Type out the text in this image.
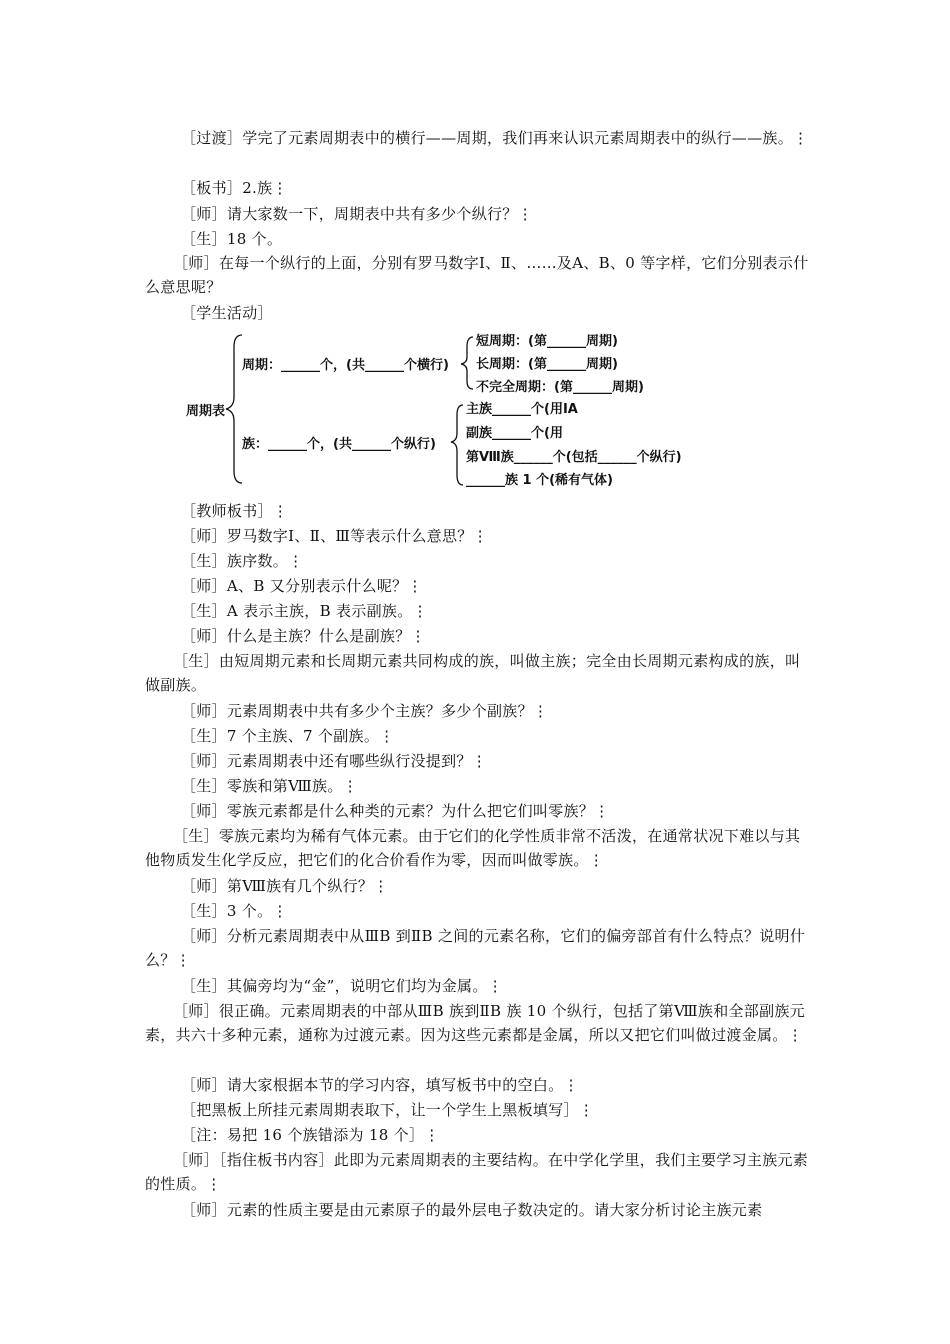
［过渡］学完了元素周期表中的横行——周期，我们再来认识元素周期表中的纵行——族。⋮
［板书］2.族⋮
［师］请大家数一下，周期表中共有多少个纵行？⋮
［生］18 个。
［师］在每一个纵行的上面，分别有罗马数字Ⅰ、Ⅱ、……及A、B、0 等字样，它们分别表示什么意思呢？
［学生活动］
周期表
周期：______个，(共______个横行)
族：______个，(共______个纵行)
短周期：(第______周期)
长周期：(第______周期)
不完全周期：(第______周期)
主族______个(用ⅠA
副族______个(用
第Ⅷ族______个(包括______个纵行)
______族 1 个(稀有气体)
［教师板书］⋮
［师］罗马数字Ⅰ、Ⅱ、Ⅲ等表示什么意思？⋮
［生］族序数。⋮
［师］A、B 又分别表示什么呢？⋮
［生］A 表示主族，B 表示副族。⋮
［师］什么是主族？什么是副族？⋮
［生］由短周期元素和长周期元素共同构成的族，叫做主族；完全由长周期元素构成的族，叫做副族。
［师］元素周期表中共有多少个主族？多少个副族？⋮
［生］7 个主族、7 个副族。⋮
［师］元素周期表中还有哪些纵行没提到？⋮
［生］零族和第Ⅷ族。⋮
［师］零族元素都是什么种类的元素？为什么把它们叫零族？⋮
［生］零族元素均为稀有气体元素。由于它们的化学性质非常不活泼，在通常状况下难以与其他物质发生化学反应，把它们的化合价看作为零，因而叫做零族。⋮
［师］第Ⅷ族有几个纵行？⋮
［生］3 个。⋮
［师］分析元素周期表中从ⅢB 到ⅡB 之间的元素名称，它们的偏旁部首有什么特点？说明什么？⋮
［生］其偏旁均为“金”，说明它们均为金属。⋮
［师］很正确。元素周期表的中部从ⅢB 族到ⅡB 族 10 个纵行，包括了第Ⅷ族和全部副族元素，共六十多种元素，通称为过渡元素。因为这些元素都是金属，所以又把它们叫做过渡金属。⋮
［师］请大家根据本节的学习内容，填写板书中的空白。⋮
［把黑板上所挂元素周期表取下，让一个学生上黑板填写］⋮
［注：易把 16 个族错添为 18 个］⋮
［师］［指住板书内容］此即为元素周期表的主要结构。在中学化学里，我们主要学习主族元素的性质。⋮
［师］元素的性质主要是由元素原子的最外层电子数决定的。请大家分析讨论主族元素
